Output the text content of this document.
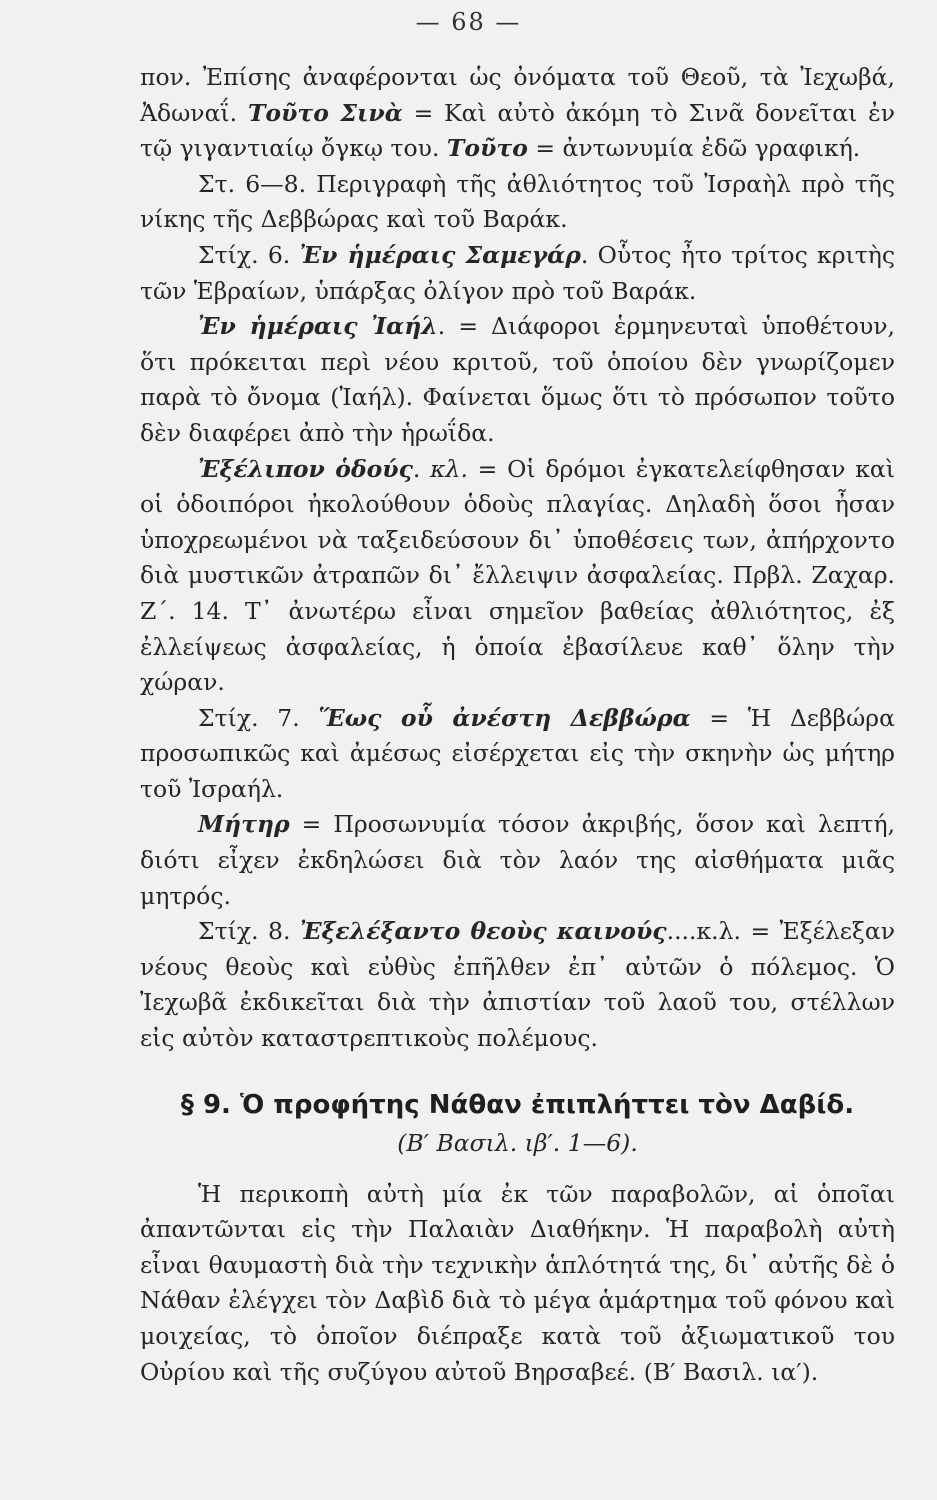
— 68 —

πον. Ἐπίσης ἀναφέρονται ὡς ὀνόματα τοῦ Θεοῦ, τὰ Ἰεχωβά, Ἀδωναΐ. Τοῦτο Σινὰ = Καὶ αὐτὸ ἀκόμη τὸ Σινᾶ δονεῖται ἐν τῷ γιγαντιαίῳ ὄγκῳ του. Τοῦτο = ἀντωνυμία ἐδῶ γραφική.

Στ. 6—8. Περιγραφὴ τῆς ἀθλιότητος τοῦ Ἰσραὴλ πρὸ τῆς νίκης τῆς Δεββώρας καὶ τοῦ Βαράκ.

Στίχ. 6. Ἐν ἡμέραις Σαμεγάρ. Οὗτος ἦτο τρίτος κριτὴς τῶν Ἑβραίων, ὑπάρξας ὀλίγον πρὸ τοῦ Βαράκ.

Ἐν ἡμέραις Ἰαήλ. = Διάφοροι ἑρμηνευταὶ ὑποθέτουν, ὅτι πρόκειται περὶ νέου κριτοῦ, τοῦ ὁποίου δὲν γνωρίζομεν παρὰ τὸ ὄνομα (Ἰαήλ). Φαίνεται ὅμως ὅτι τὸ πρόσωπον τοῦτο δὲν διαφέρει ἀπὸ τὴν ἡρωΐδα.

Ἐξέλιπον ὁδούς. κλ. = Οἱ δρόμοι ἐγκατελείφθησαν καὶ οἱ ὁδοιπόροι ἠκολούθουν ὁδοὺς πλαγίας. Δηλαδὴ ὅσοι ἦσαν ὑποχρεωμένοι νὰ ταξειδεύσουν δι᾽ ὑποθέσεις των, ἀπήρχοντο διὰ μυστικῶν ἀτραπῶν δι᾽ ἔλλειψιν ἀσφαλείας. Πρβλ. Ζαχαρ. Ζ΄. 14. Τ᾽ ἀνωτέρω εἶναι σημεῖον βαθείας ἀθλιότητος, ἐξ ἐλλείψεως ἀσφαλείας, ἡ ὁποία ἐβασίλευε καθ᾽ ὅλην τὴν χώραν.

Στίχ. 7. Ἕως οὗ ἀνέστη Δεββώρα = Ἡ Δεββώρα προσωπικῶς καὶ ἀμέσως εἰσέρχεται εἰς τὴν σκηνὴν ὡς μήτηρ τοῦ Ἰσραήλ.

Μήτηρ = Προσωνυμία τόσον ἀκριβής, ὅσον καὶ λεπτή, διότι εἶχεν ἐκδηλώσει διὰ τὸν λαόν της αἰσθήματα μιᾶς μητρός.

Στίχ. 8. Ἐξελέξαντο θεοὺς καινούς....κ.λ. = Ἐξέλεξαν νέους θεοὺς καὶ εὐθὺς ἐπῆλθεν ἐπ᾽ αὐτῶν ὁ πόλεμος. Ὁ Ἰεχωβᾶ ἐκδικεῖται διὰ τὴν ἀπιστίαν τοῦ λαοῦ του, στέλλων εἰς αὐτὸν καταστρεπτικοὺς πολέμους.

§ 9. Ὁ προφήτης Νάθαν ἐπιπλήττει τὸν Δαβίδ.
(Β′ Βασιλ. ιβ′. 1—6).

Ἡ περικοπὴ αὐτὴ μία ἐκ τῶν παραβολῶν, αἱ ὁποῖαι ἀπαντῶνται εἰς τὴν Παλαιὰν Διαθήκην. Ἡ παραβολὴ αὐτὴ εἶναι θαυμαστὴ διὰ τὴν τεχνικὴν ἁπλότητά της, δι᾽ αὐτῆς δὲ ὁ Νάθαν ἐλέγχει τὸν Δαβὶδ διὰ τὸ μέγα ἁμάρτημα τοῦ φόνου καὶ μοιχείας, τὸ ὁποῖον διέπραξε κατὰ τοῦ ἀξιωματικοῦ του Οὐρίου καὶ τῆς συζύγου αὐτοῦ Βηρσαβεέ. (Β′ Βασιλ. ια′).
